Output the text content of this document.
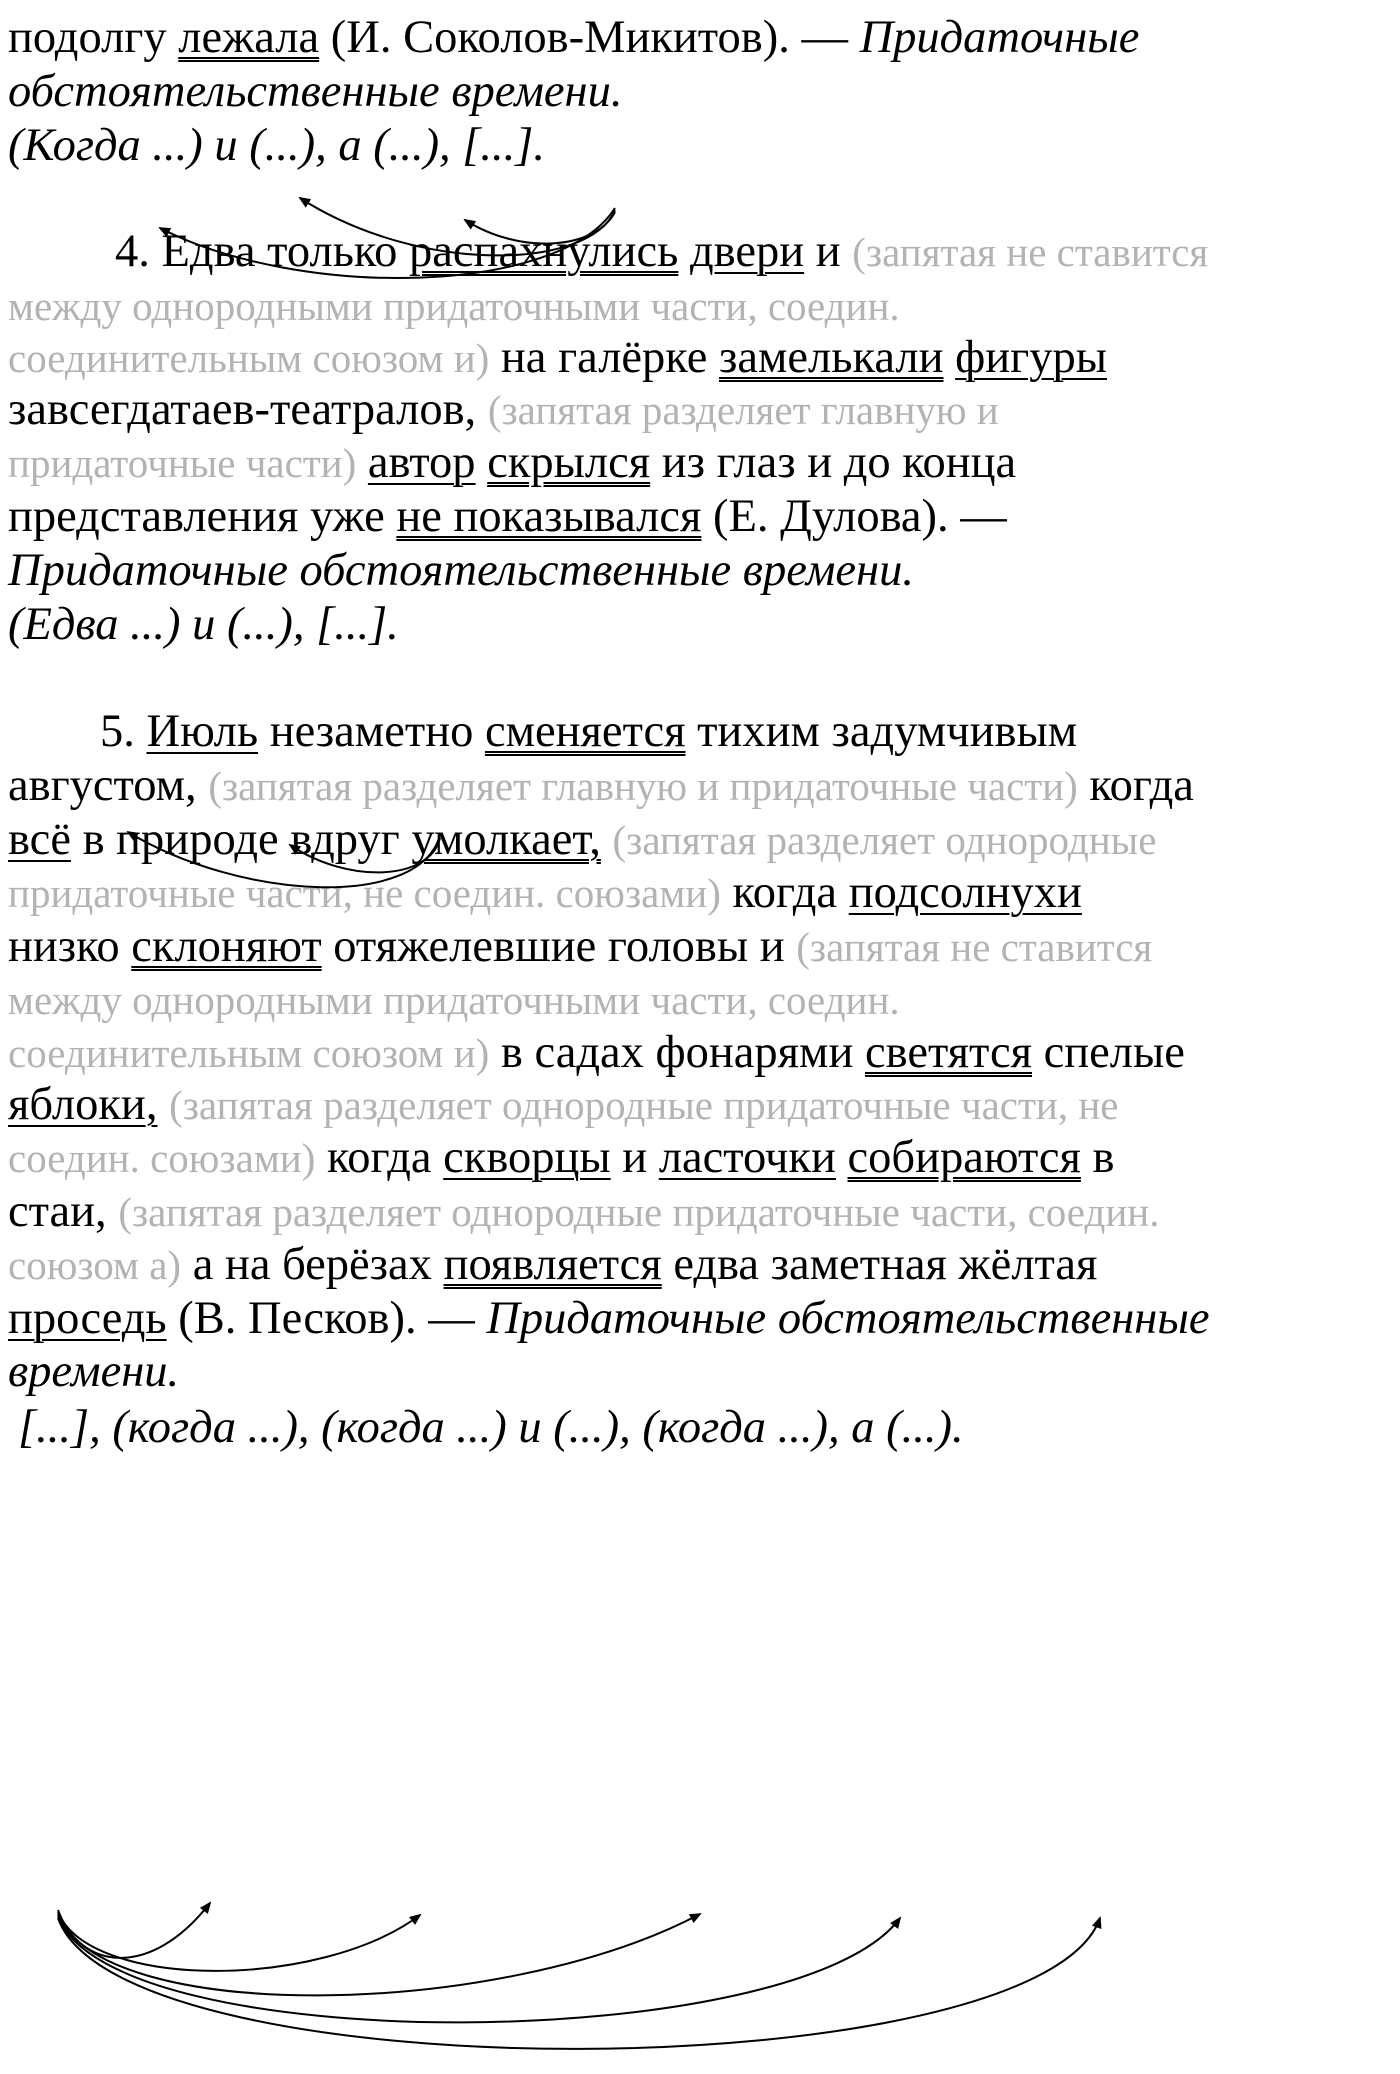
подолгу лежала (И. Соколов-Микитов). — Придаточные
обстоятельственные времени.
(Когда ...) и (...), а (...), [...].
4. Едва только распахнулись двери и (запятая не ставится
между однородными придаточными части, соедин.
соединительным союзом и) на галёрке замелькали фигуры
завсегдатаев-театралов, (запятая разделяет главную и
придаточные части) автор скрылся из глаз и до конца
представления уже не показывался (Е. Дулова). —
Придаточные обстоятельственные времени.
(Едва ...) и (...), [...].
5. Июль незаметно сменяется тихим задумчивым
августом, (запятая разделяет главную и придаточные части) когда
всё в природе вдруг умолкает, (запятая разделяет однородные
придаточные части, не соедин. союзами) когда подсолнухи
низко склоняют отяжелевшие головы и (запятая не ставится
между однородными придаточными части, соедин.
соединительным союзом и) в садах фонарями светятся спелые
яблоки, (запятая разделяет однородные придаточные части, не
соедин. союзами) когда скворцы и ласточки собираются в
стаи, (запятая разделяет однородные придаточные части, соедин.
союзом а) а на берёзах появляется едва заметная жёлтая
проседь (В. Песков). — Придаточные обстоятельственные
времени.
[...], (когда ...), (когда ...) и (...), (когда ...), а (...).
